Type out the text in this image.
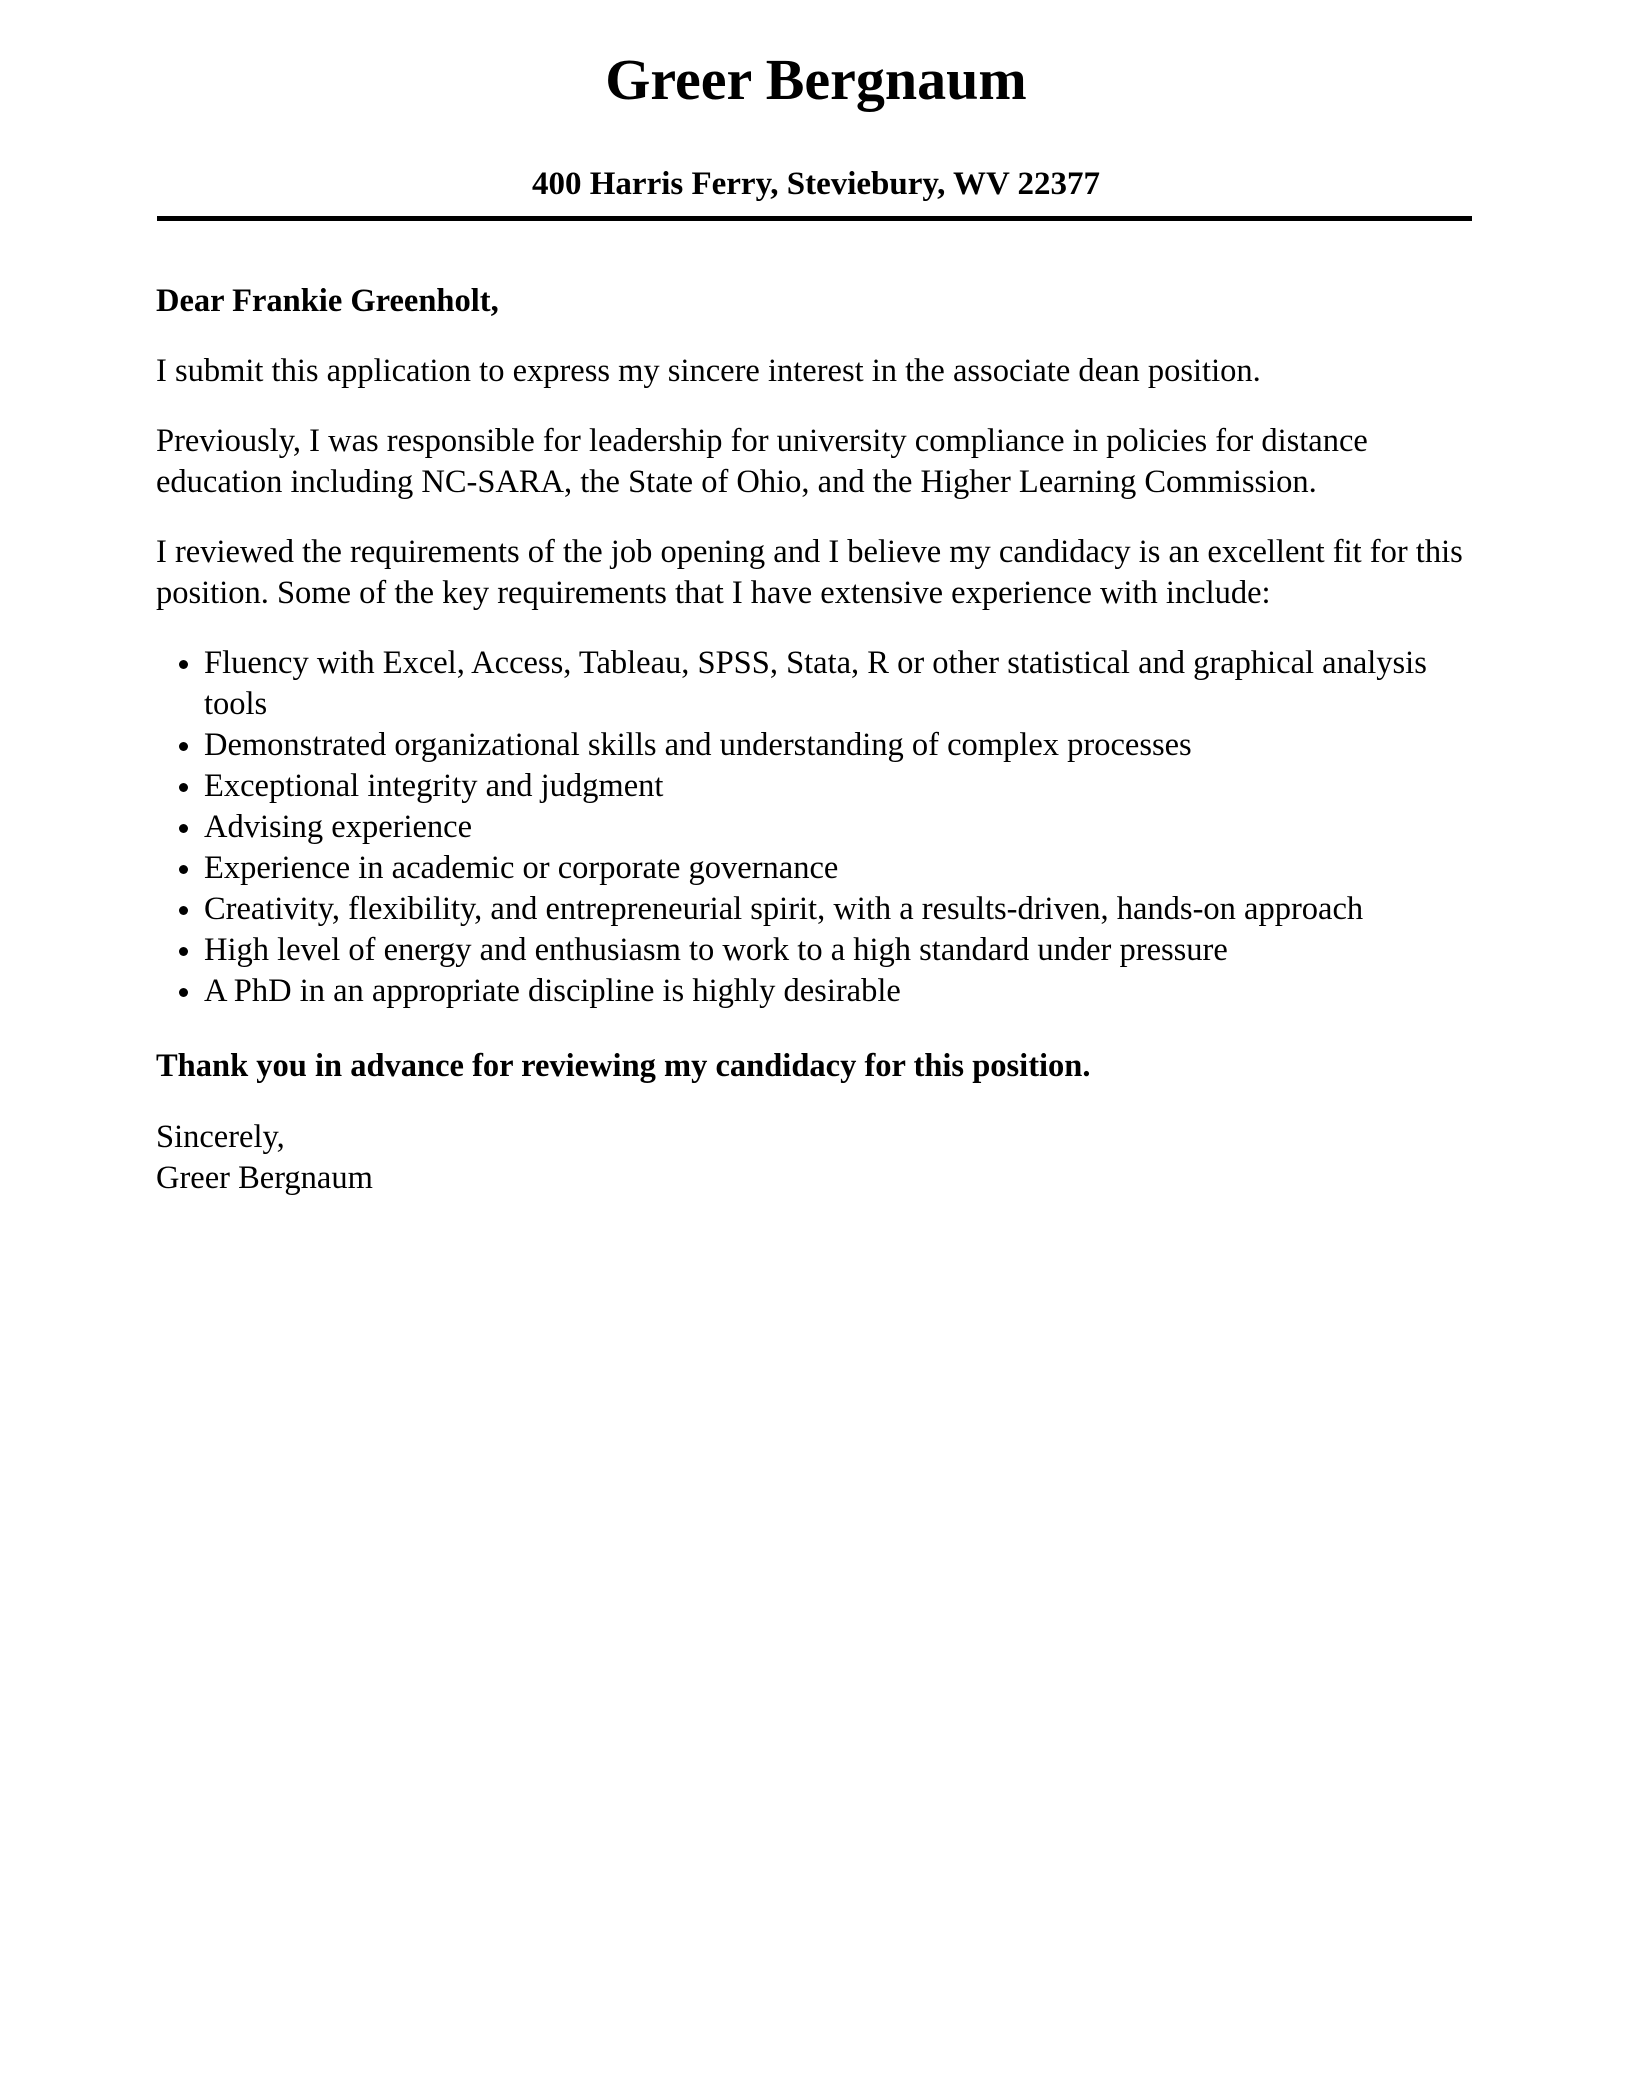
Greer Bergnaum
400 Harris Ferry, Steviebury, WV 22377

Dear Frankie Greenholt,

I submit this application to express my sincere interest in the associate dean position.

Previously, I was responsible for leadership for university compliance in policies for distance education including NC-SARA, the State of Ohio, and the Higher Learning Commission.

I reviewed the requirements of the job opening and I believe my candidacy is an excellent fit for this position. Some of the key requirements that I have extensive experience with include:

• Fluency with Excel, Access, Tableau, SPSS, Stata, R or other statistical and graphical analysis tools
• Demonstrated organizational skills and understanding of complex processes
• Exceptional integrity and judgment
• Advising experience
• Experience in academic or corporate governance
• Creativity, flexibility, and entrepreneurial spirit, with a results-driven, hands-on approach
• High level of energy and enthusiasm to work to a high standard under pressure
• A PhD in an appropriate discipline is highly desirable

Thank you in advance for reviewing my candidacy for this position.

Sincerely,
Greer Bergnaum
